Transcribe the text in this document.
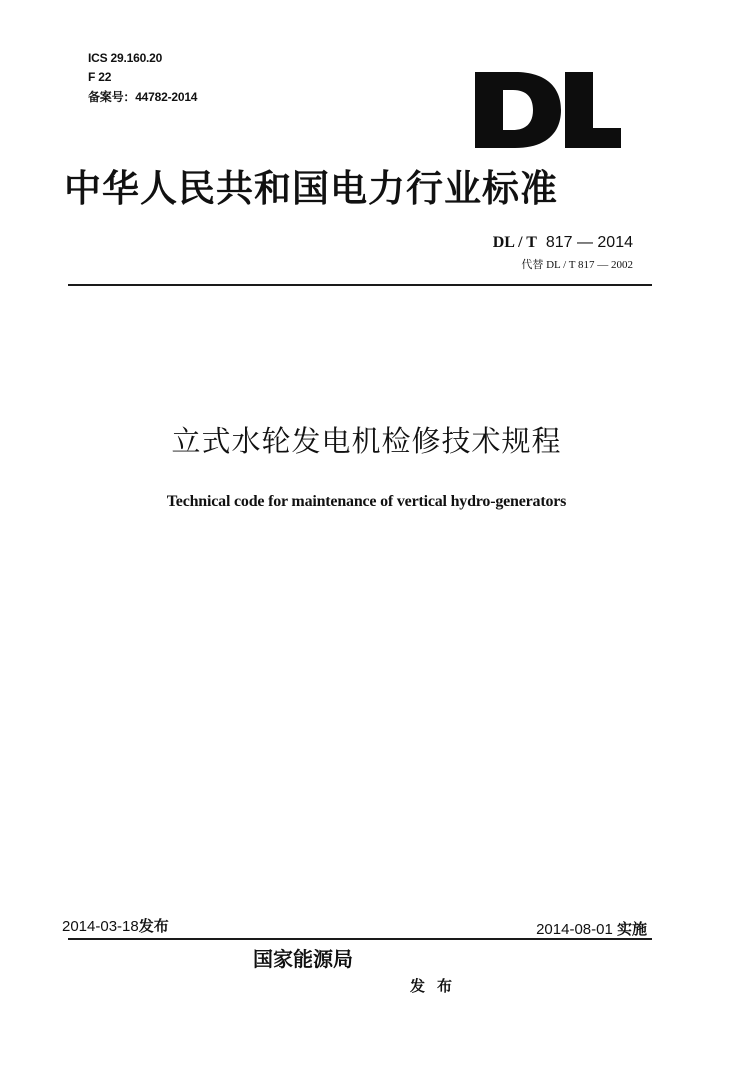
ICS 29.160.20
F 22
备案号：44782-2014
中华人民共和国电力行业标准
DL / T 817 — 2014
代替 DL / T 817 — 2002
立式水轮发电机检修技术规程
Technical code for maintenance of vertical hydro-generators
2014-03-18发布	2014-08-01 实施
国家能源局
发布
